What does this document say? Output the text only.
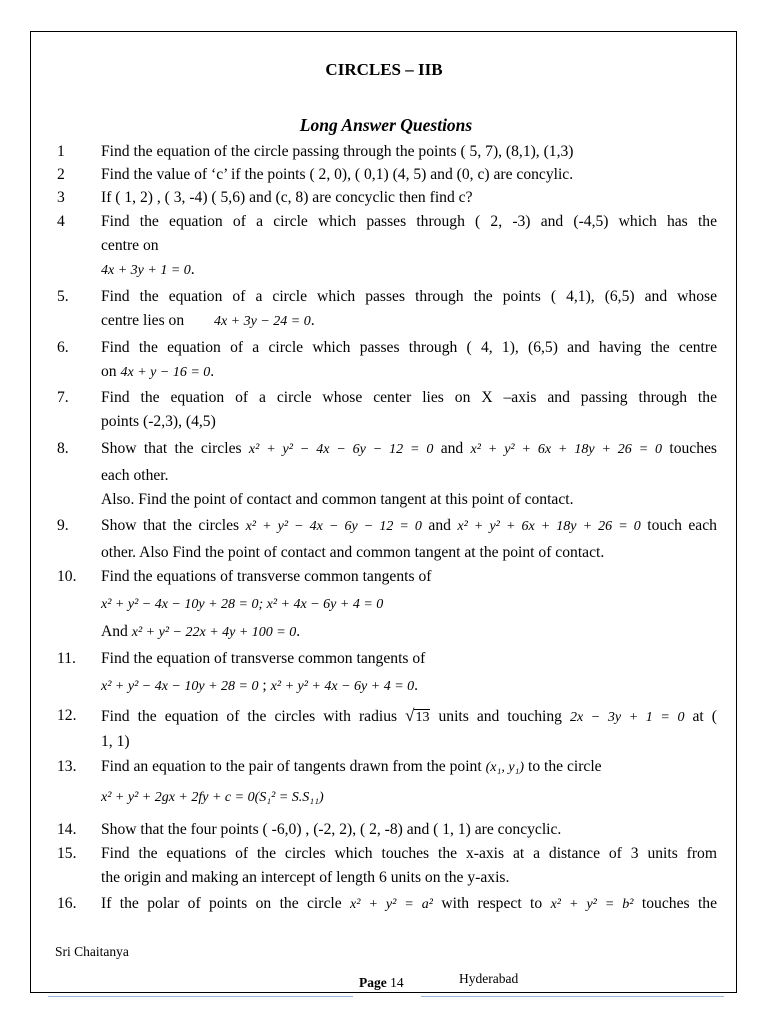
CIRCLES – IIB
Long Answer Questions
1 Find the equation of the circle passing through the points ( 5, 7), (8,1), (1,3)
2 Find the value of ‘c’ if the points ( 2, 0), ( 0,1) (4, 5) and (0, c) are concylic.
3 If ( 1, 2) , ( 3, -4) ( 5,6) and (c, 8) are concyclic then find c?
4 Find the equation of a circle which passes through ( 2, -3) and (-4,5) which has the
centre on
4x + 3y + 1 = 0.
5. Find the equation of a circle which passes through the points ( 4,1), (6,5) and whose
centre lies on 4x + 3y − 24 = 0.
6. Find the equation of a circle which passes through ( 4, 1), (6,5) and having the centre
on 4x + y − 16 = 0.
7. Find the equation of a circle whose center lies on X –axis and passing through the
points (-2,3), (4,5)
8. Show that the circles x² + y² − 4x − 6y − 12 = 0 and x² + y² + 6x + 18y + 26 = 0 touches
each other.
Also. Find the point of contact and common tangent at this point of contact.
9. Show that the circles x² + y² − 4x − 6y − 12 = 0 and x² + y² + 6x + 18y + 26 = 0 touch each
other. Also Find the point of contact and common tangent at the point of contact.
10. Find the equations of transverse common tangents of
x² + y² − 4x − 10y + 28 = 0; x² + 4x − 6y + 4 = 0
And x² + y² − 22x + 4y + 100 = 0.
11. Find the equation of transverse common tangents of
x² + y² − 4x − 10y + 28 = 0 ; x² + y² + 4x − 6y + 4 = 0.
12. Find the equation of the circles with radius √13 units and touching 2x − 3y + 1 = 0 at (
1, 1)
13. Find an equation to the pair of tangents drawn from the point (x₁, y₁) to the circle
x² + y² + 2gx + 2fy + c = 0(S₁² = S.S₁₁)
14. Show that the four points ( -6,0) , (-2, 2), ( 2, -8) and ( 1, 1) are concyclic.
15. Find the equations of the circles which touches the x-axis at a distance of 3 units from
the origin and making an intercept of length 6 units on the y-axis.
16. If the polar of points on the circle x² + y² = a² with respect to x² + y² = b² touches the
Sri Chaitanya
Page 14	Hyderabad
